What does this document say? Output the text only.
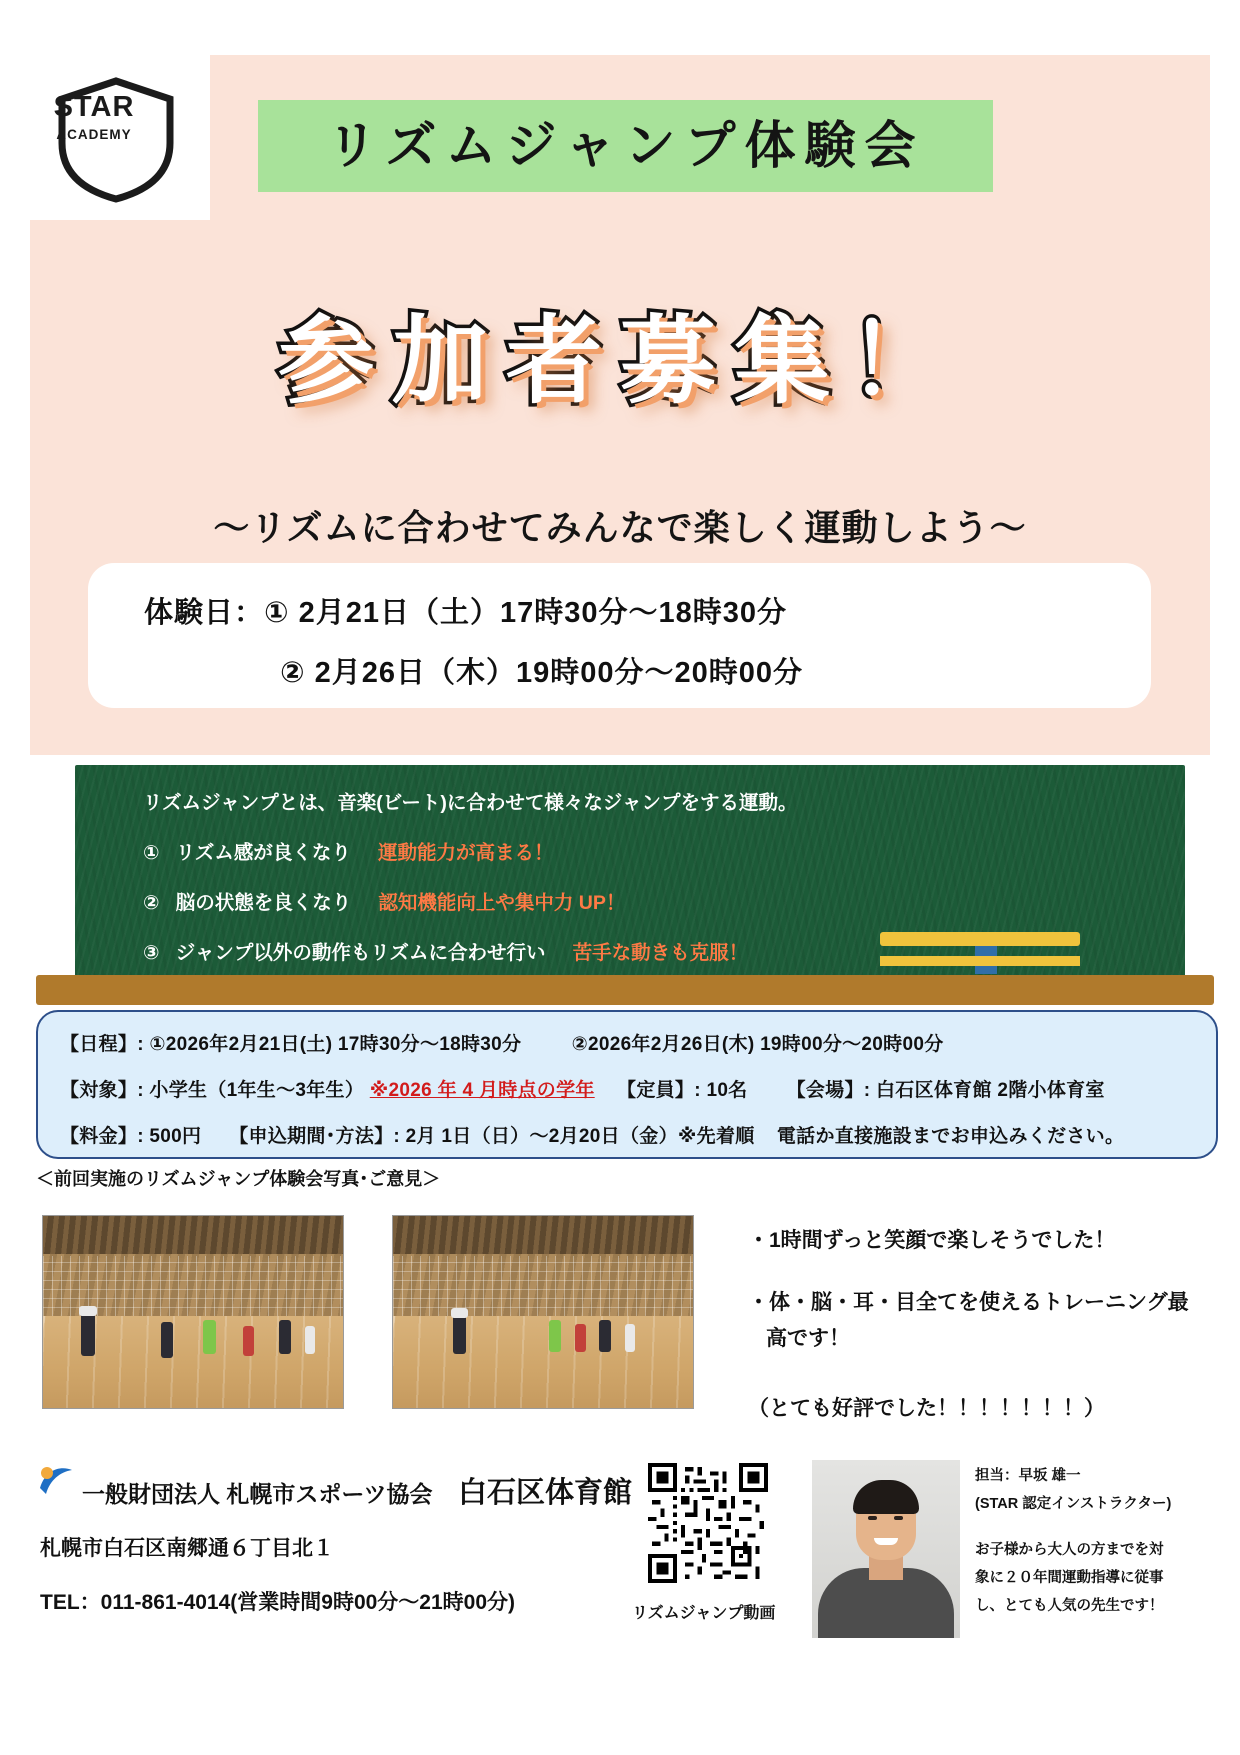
STAR
ACADEMY	リズムジャンプ体験会
参加者募集！
～リズムに合わせてみんなで楽しく運動しよう～
体験日：① 2月21日（土）17時30分～18時30分
② 2月26日（木）19時00分～20時00分
リズムジャンプとは、音楽(ビート)に合わせて様々なジャンプをする運動。
① リズム感が良くなり 運動能力が高まる！
② 脳の状態を良くなり 認知機能向上や集中力 UP！
③ ジャンプ以外の動作もリズムに合わせ行い 苦手な動きも克服！
【日程】: ①2026年2月21日(土) 17時30分～18時30分	②2026年2月26日(木) 19時00分～20時00分
【対象】: 小学生（1年生～3年生） ※2026 年 4 月時点の学年 【定員】: 10名 【会場】: 白石区体育館 2階小体育室
【料金】: 500円 【申込期間･方法】: 2月 1日（日）～2月20日（金）※先着順 電話か直接施設までお申込みください。
＜前回実施のリズムジャンプ体験会写真･ご意見＞
・1時間ずっと笑顔で楽しそうでした！
・体・脳・耳・目全てを使えるトレーニング最
高です！
（とても好評でした！！！！！！！）
一般財団法人 札幌市スポーツ協会 白石区体育館
札幌市白石区南郷通６丁目北１
TEL：011-861-4014(営業時間9時00分～21時00分)	リズムジャンプ動画
担当：早坂 雄一
(STAR 認定インストラクター)
お子様から大人の方までを対
象に２０年間運動指導に従事
し、とても人気の先生です！
